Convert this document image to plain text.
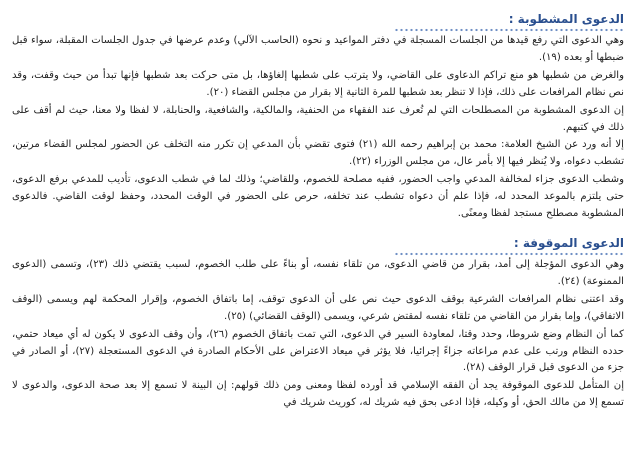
الدعوى المشطوبة :

وهي الدعوى التي رفع قيدها من الجلسات المسجلة في دفتر المواعيد و نحوه (الحاسب الآلي) وعدم عرضها في جدول الجلسات المقبلة، سواء قبل ضبطها أو بعده (١٩).

والغرض من شطبها هو منع تراكم الدعاوى على القاضي، ولا يترتب على شطبها إلغاؤها، بل متى حركت بعد شطبها فإنها تبدأ من حيث وقفت، وقد نص نظام المرافعات على ذلك، فإذا لا تنظر بعد شطبها للمرة الثانية إلا بقرار من مجلس القضاء (٢٠).

إن الدعوى المشطوبة من المصطلحات التي لم تُعرف عند الفقهاء من الحنفية، والمالكية، والشافعية، والحنابلة، لا لفظا ولا معنا، حيث لم أقف على ذلك في كتبهم.

إلا أنه ورد عن الشيخ العلامة: محمد بن إبراهيم رحمه الله (٢١) فتوى تقضي بأن المدعي إن تكرر منه التخلف عن الحضور لمجلس القضاء مرتين، تشطب دعواه، ولا يُنظر فيها إلا بأمر عال، من مجلس الوزراء (٢٢).

وشطب الدعوى جزاء لمخالفة المدعي واجب الحضور، ففيه مصلحة للخصوم، وللقاضي؛ وذلك لما في شطب الدعوى، تأديب للمدعي برفع الدعوى، حتى يلتزم بالموعد المحدد له، فإذا علم أن دعواه تشطب عند تخلفه، حرص على الحضور في الوقت المحدد، وحفظ لوقت القاضي. فالدعوى المشطوبة مصطلح مستجد لفظا ومعنًى.

الدعوى الموقوفة :

وهي الدعوى المؤجلة إلى أمد، بقرار من قاضي الدعوى، من تلقاء نفسه، أو بناءً على طلب الخصوم، لسبب يقتضي ذلك (٢٣)، وتسمى (الدعوى الممنوعة) (٢٤).

وقد اعتنى نظام المرافعات الشرعية بوقف الدعوى حيث نص على أن الدعوى توقف، إما باتفاق الخصوم، وإقرار المحكمة لهم ويسمى (الوقف الاتفاقي)، وإما بقرار من القاضي من تلقاء نفسه لمقتض شرعي، ويسمى (الوقف القضائي) (٢٥).

كما أن النظام وضع شروطا، وحدد وقتا، لمعاودة السير في الدعوى، التي تمت باتفاق الخصوم (٢٦)، وأن وقف الدعوى لا يكون له أي ميعاد حتمي، حدده النظام ورتب على عدم مراعاته جزاءً إجرائيا، فلا يؤثر في ميعاد الاعتراض على الأحكام الصادرة في الدعوى المستعجلة (٢٧)، أو الصادر في جزء من الدعوى قبل قرار الوقف (٢٨).

إن المتأمل للدعوى الموقوفة يجد أن الفقه الإسلامي قد أورده لفظا ومعنى ومن ذلك قولهم: إن البينة لا تسمع إلا بعد صحة الدعوى، والدعوى لا تسمع إلا من مالك الحق، أو وكيله، فإذا ادعى بحق فيه شريك له، كوريث شريك في
